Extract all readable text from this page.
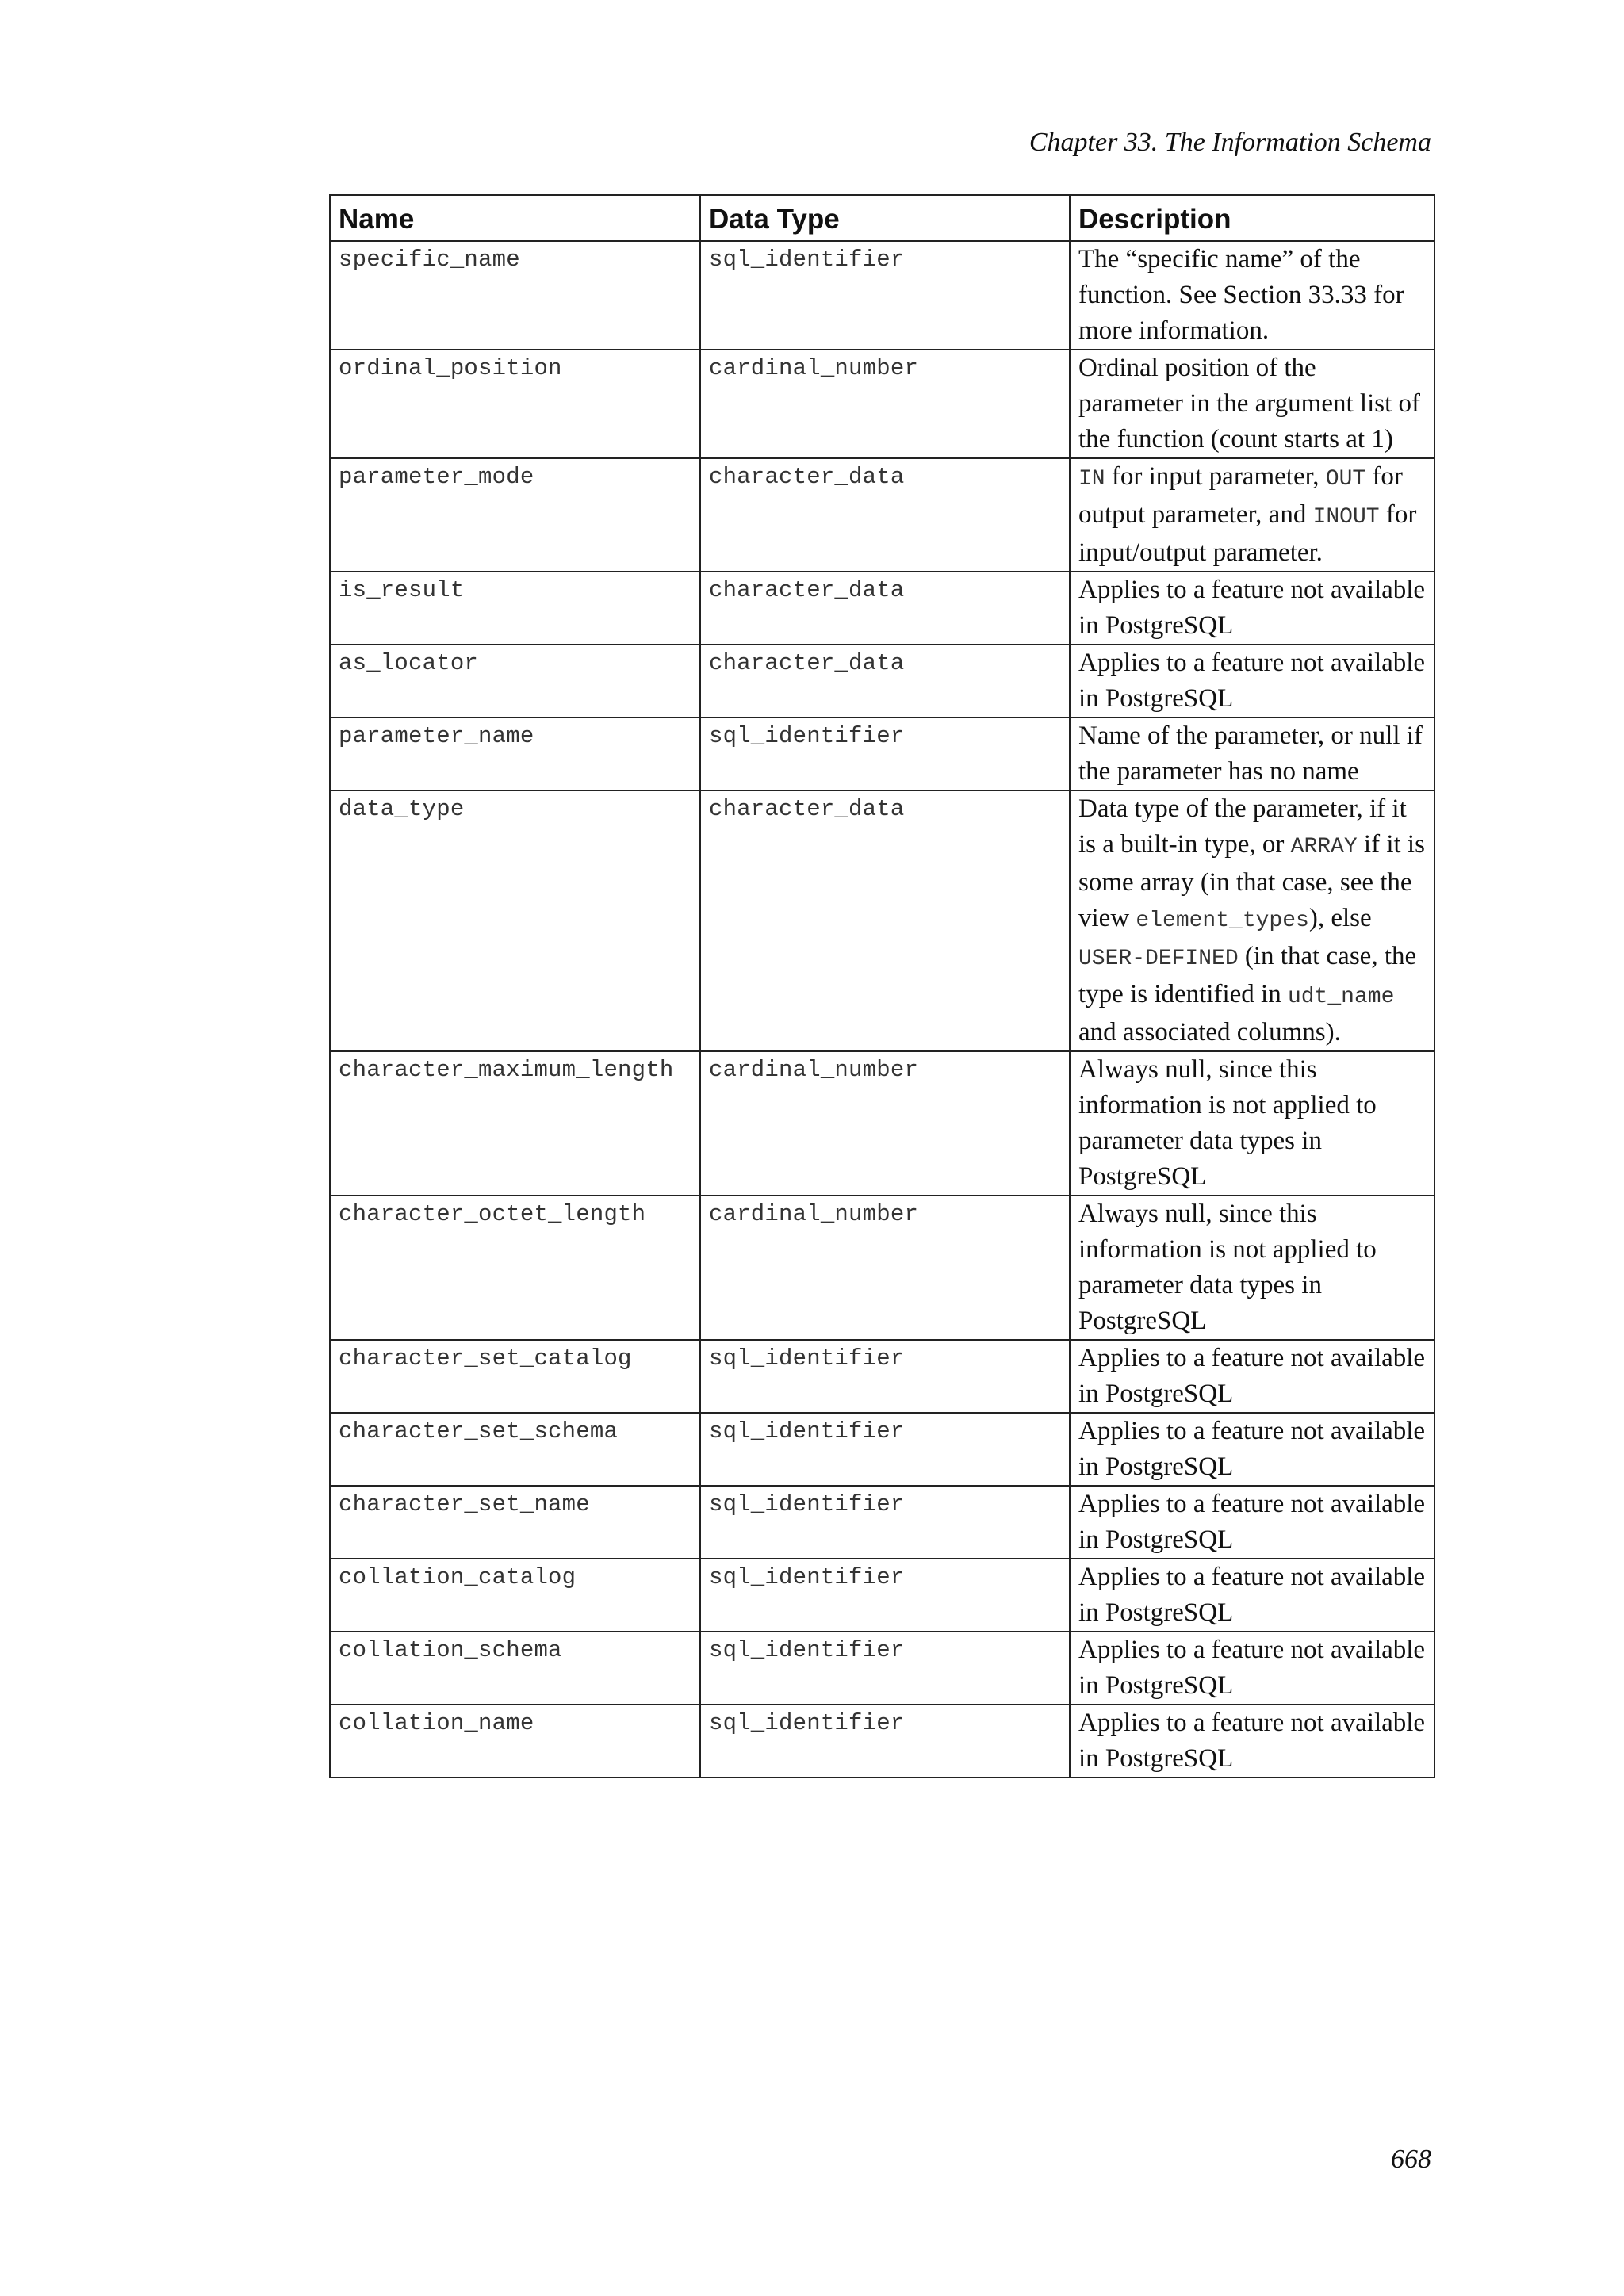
Chapter 33. The Information Schema
Name	Data Type	Description
specific_name	sql_identifier	The “specific name” of the function. See Section 33.33 for more information.
ordinal_position	cardinal_number	Ordinal position of the parameter in the argument list of the function (count starts at 1)
parameter_mode	character_data	IN for input parameter, OUT for output parameter, and INOUT for input/output parameter.
is_result	character_data	Applies to a feature not available in PostgreSQL
as_locator	character_data	Applies to a feature not available in PostgreSQL
parameter_name	sql_identifier	Name of the parameter, or null if the parameter has no name
data_type	character_data	Data type of the parameter, if it is a built-in type, or ARRAY if it is some array (in that case, see the view element_types), else USER-DEFINED (in that case, the type is identified in udt_name and associated columns).
character_maximum_length	cardinal_number	Always null, since this information is not applied to parameter data types in PostgreSQL
character_octet_length	cardinal_number	Always null, since this information is not applied to parameter data types in PostgreSQL
character_set_catalog	sql_identifier	Applies to a feature not available in PostgreSQL
character_set_schema	sql_identifier	Applies to a feature not available in PostgreSQL
character_set_name	sql_identifier	Applies to a feature not available in PostgreSQL
collation_catalog	sql_identifier	Applies to a feature not available in PostgreSQL
collation_schema	sql_identifier	Applies to a feature not available in PostgreSQL
collation_name	sql_identifier	Applies to a feature not available in PostgreSQL
668
